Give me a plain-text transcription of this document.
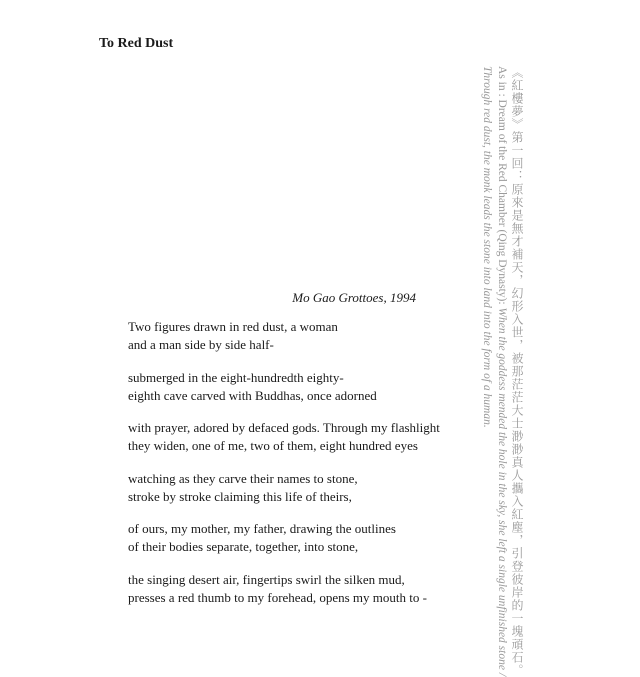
To Red Dust
《紅樓夢》第一回：原來是無才補天，幻形入世，被那茫茫大士渺渺真人攜入紅塵，引登彼岸的一塊頑石。
As in : Dream of the Red Chamber (Qing Dynasty): When the goddess mended the hole in the sky, she left a single unfinished stone /
Through red dust, the monk leads the stone into land into the form of a human.
Mo Gao Grottoes, 1994
Two figures drawn in red dust, a woman
and a man side by side half-
submerged in the eight-hundredth eighty-
eighth cave carved with Buddhas, once adorned
with prayer, adored by defaced gods. Through my flashlight
they widen, one of me, two of them, eight hundred eyes
watching as they carve their names to stone,
stroke by stroke claiming this life of theirs,
of ours, my mother, my father, drawing the outlines
of their bodies separate, together, into stone,
the singing desert air, fingertips swirl the silken mud,
presses a red thumb to my forehead, opens my mouth to -
